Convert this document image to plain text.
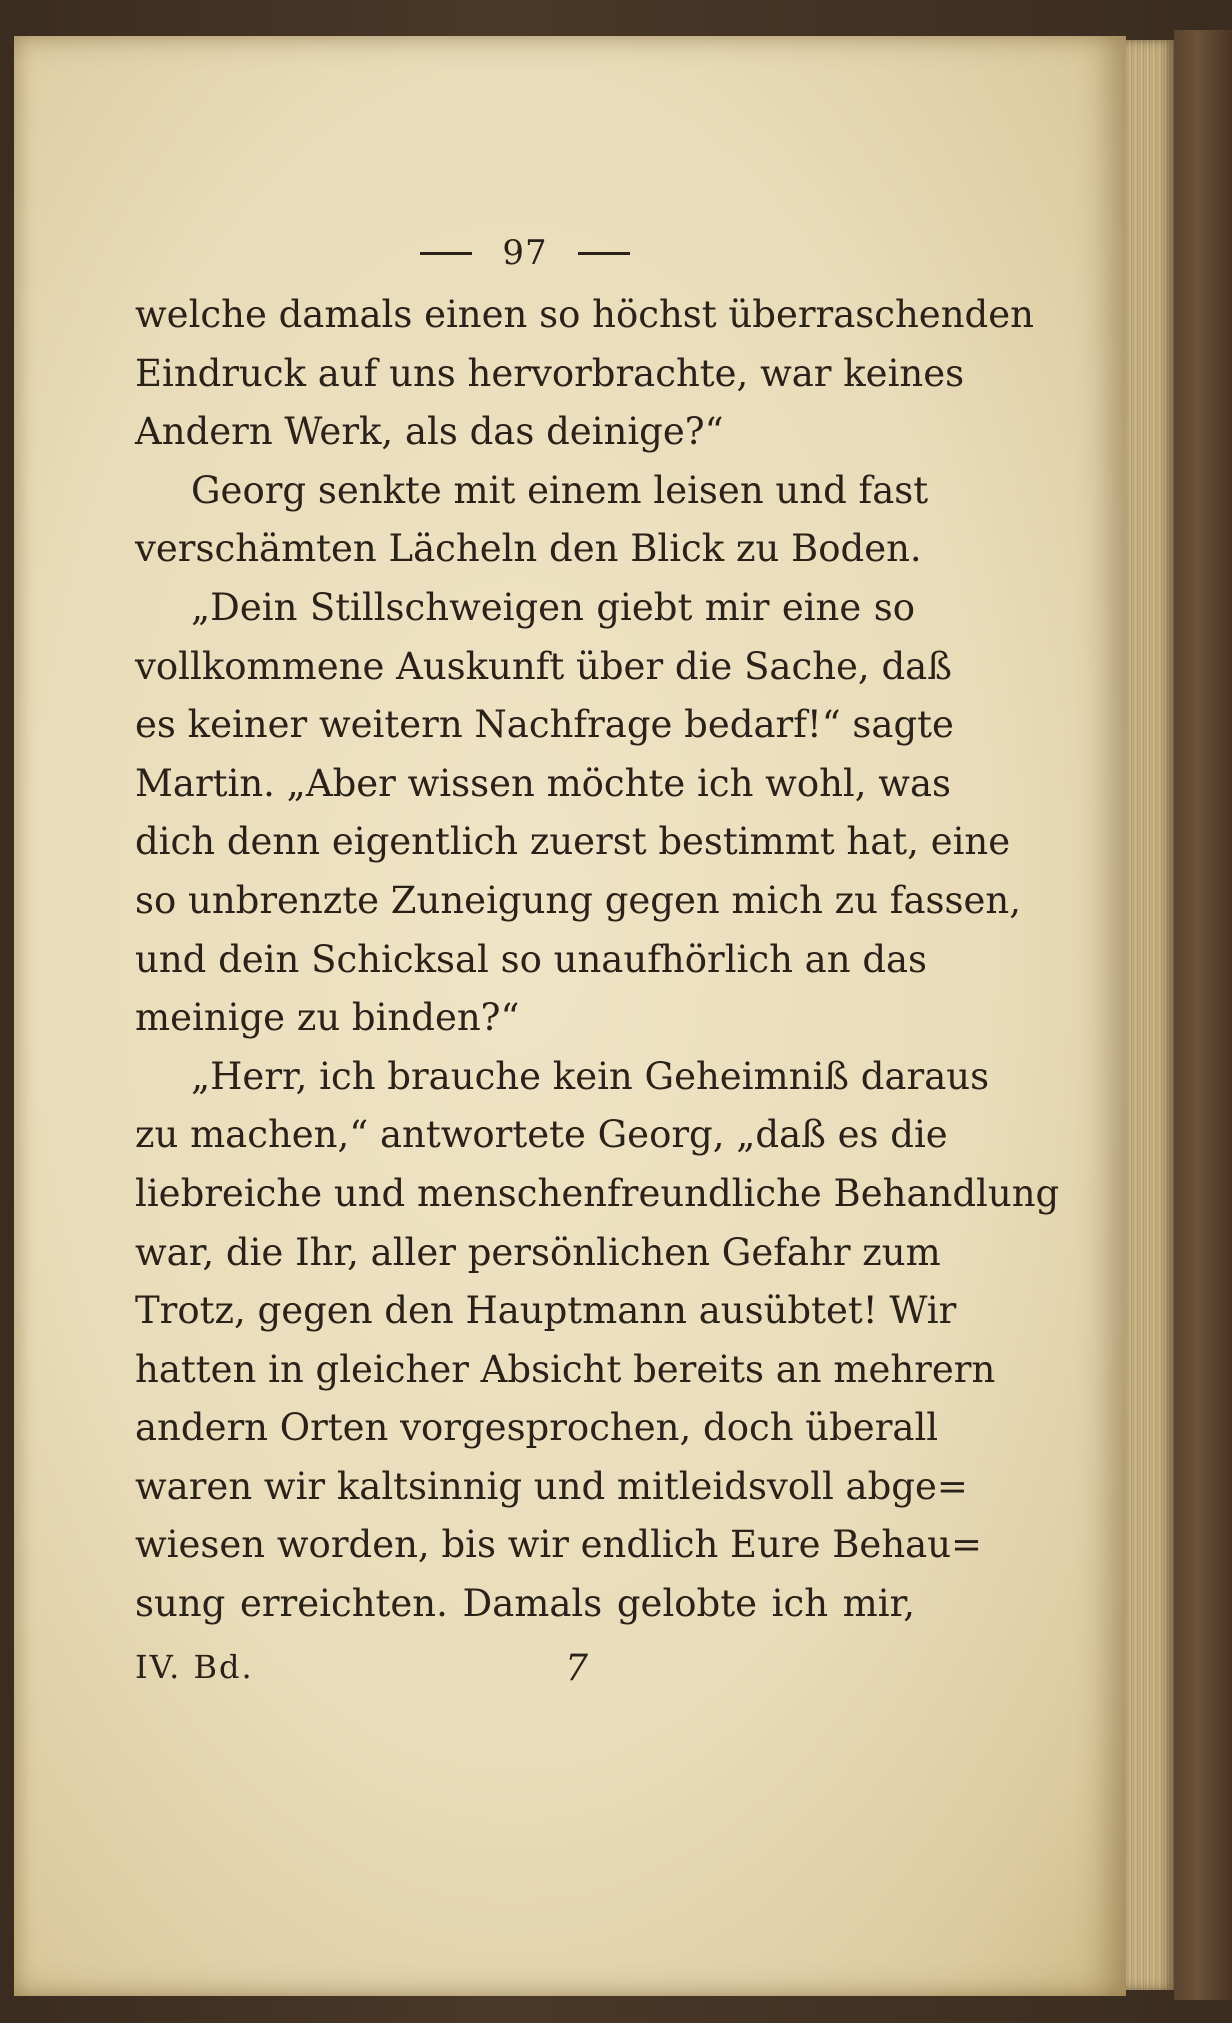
97
welche damals einen so höchst überraschenden
Eindruck auf uns hervorbrachte, war keines
Andern Werk, als das deinige?“
Georg senkte mit einem leisen und fast
verschämten Lächeln den Blick zu Boden.
„Dein Stillschweigen giebt mir eine so
vollkommene Auskunft über die Sache, daß
es keiner weitern Nachfrage bedarf!“ sagte
Martin. „Aber wissen möchte ich wohl, was
dich denn eigentlich zuerst bestimmt hat, eine
so unbrenzte Zuneigung gegen mich zu fassen,
und dein Schicksal so unaufhörlich an das
meinige zu binden?“
„Herr, ich brauche kein Geheimniß daraus
zu machen,“ antwortete Georg, „daß es die
liebreiche und menschenfreundliche Behandlung
war, die Ihr, aller persönlichen Gefahr zum
Trotz, gegen den Hauptmann ausübtet! Wir
hatten in gleicher Absicht bereits an mehrern
andern Orten vorgesprochen, doch überall
waren wir kaltsinnig und mitleidsvoll abge=
wiesen worden, bis wir endlich Eure Behau=
sung erreichten. Damals gelobte ich mir,
IV. Bd.	7
